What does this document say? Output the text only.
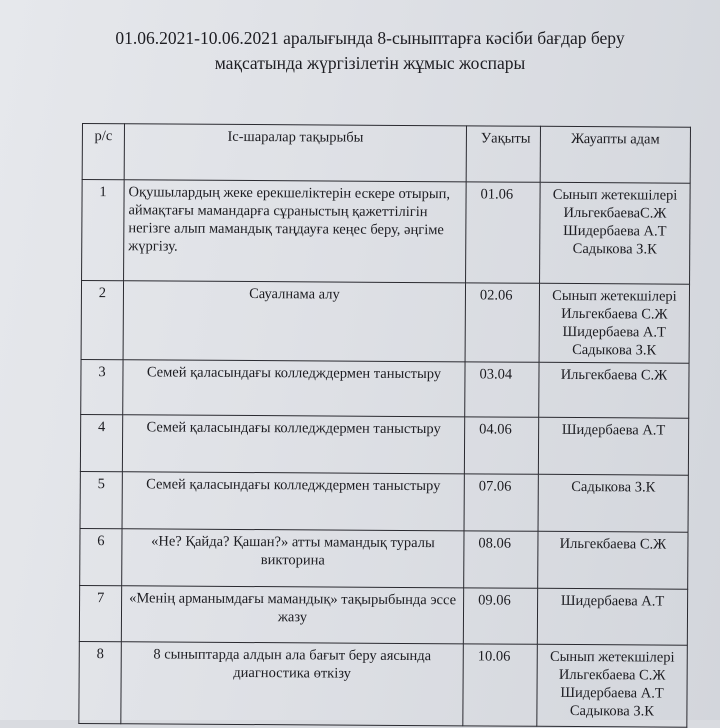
01.06.2021-10.06.2021 аралығында 8-сыныптарға кәсіби бағдар беру
мақсатында жүргізілетін жұмыс жоспары
р/с	Іс-шаралар тақырыбы	Уақыты	Жауапты адам
1	Оқушылардың жеке ерекшеліктерін ескере отырып, аймақтағы мамандарға сұраныстың қажеттілігін негізге алып мамандық таңдауға кеңес беру, әңгіме жүргізу.	01.06	Сынып жетекшілері
ИльгекбаеваС.Ж
Шидербаева А.Т
Садыкова З.К

2	Сауалнама алу	02.06	Сынып жетекшілері
Ильгекбаева С.Ж
Шидербаева А.Т
Садыкова З.К

3	Семей қаласындағы колледждермен таныстыру	03.04	Ильгекбаева С.Ж

4	Семей қаласындағы колледждермен таныстыру	04.06	Шидербаева А.Т

5	Семей қаласындағы колледждермен таныстыру	07.06	Садыкова З.К

6	«Не? Қайда? Қашан?» атты мамандық туралы викторина	08.06	Ильгекбаева С.Ж

7	«Менің арманымдағы мамандық» тақырыбында эссе жазу	09.06	Шидербаева А.Т

8	8 сыныптарда алдын ала бағыт беру аясында диагностика өткізу	10.06	Сынып жетекшілері
Ильгекбаева С.Ж
Шидербаева А.Т
Садыкова З.К
